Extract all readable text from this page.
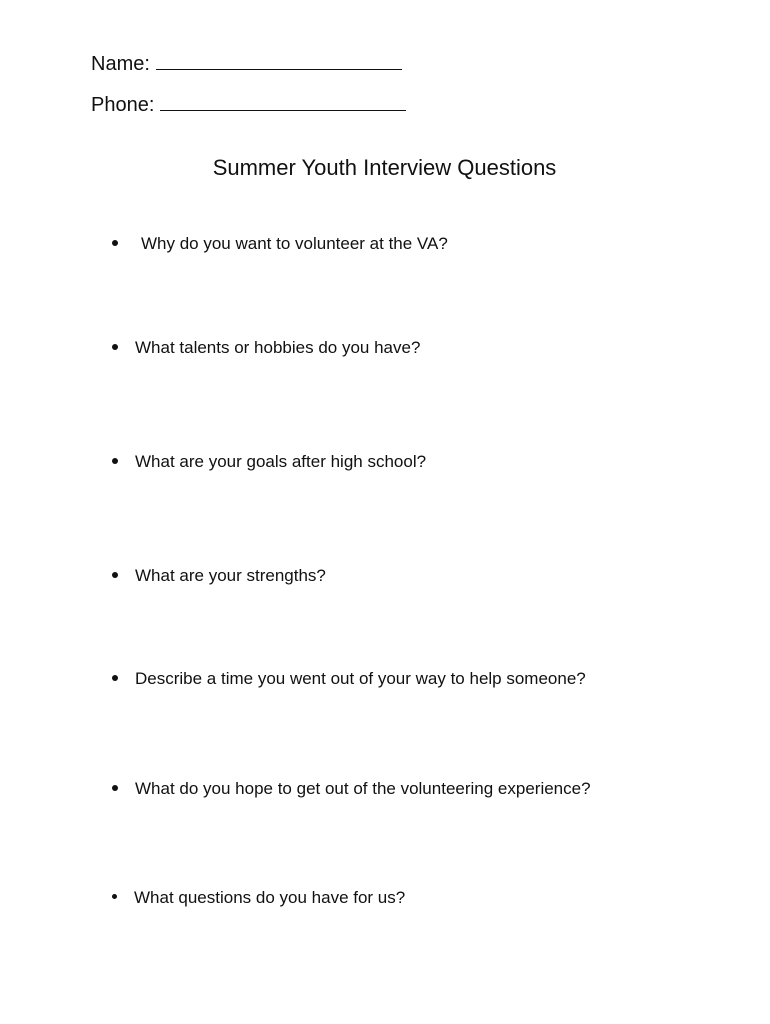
Name:
Phone:
Summer Youth Interview Questions
Why do you want to volunteer at the VA?
What talents or hobbies do you have?
What are your goals after high school?
What are your strengths?
Describe a time you went out of your way to help someone?
What do you hope to get out of the volunteering experience?
What questions do you have for us?
